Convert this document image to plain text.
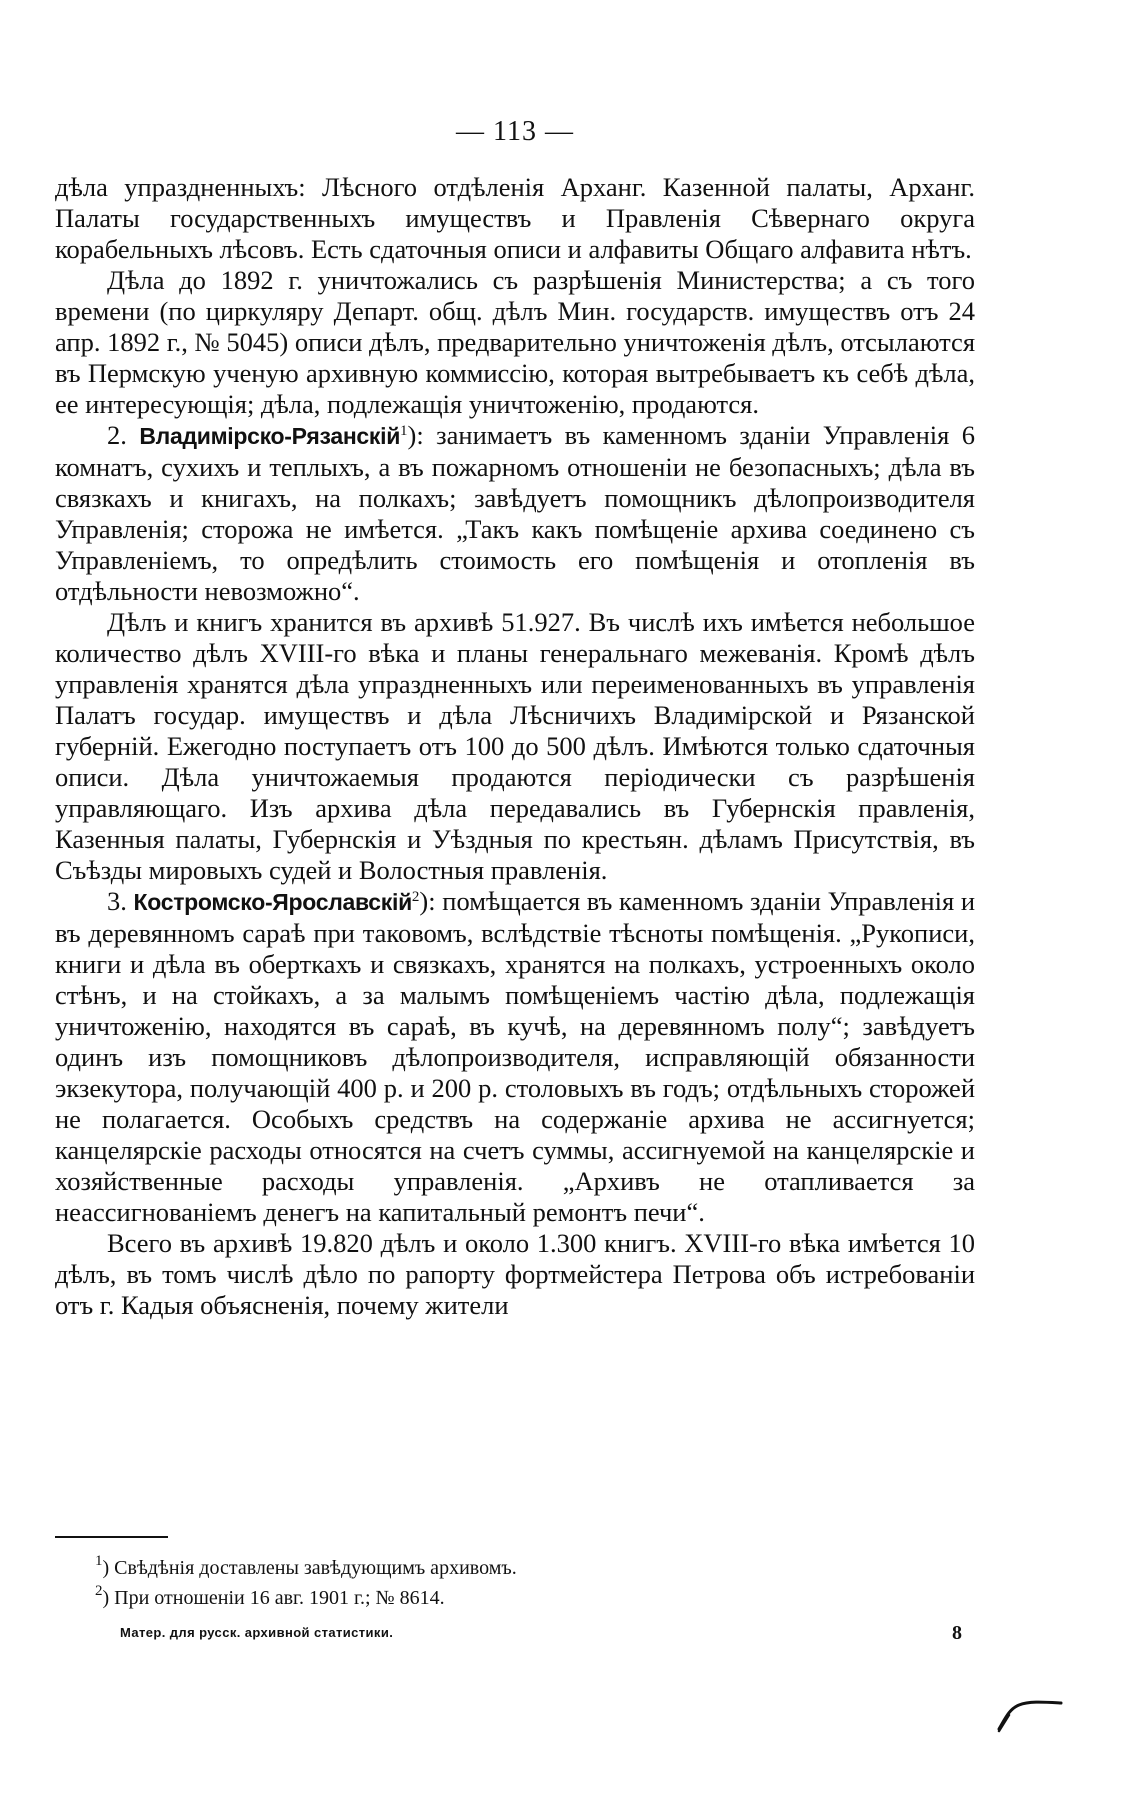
— 113 —

дѣла упраздненныхъ: Лѣсного отдѣленія Арханг. Казенной палаты, Арханг. Палаты государственныхъ имуществъ и Правленія Сѣвернаго округа корабельныхъ лѣсовъ. Есть сдаточныя описи и алфавиты Общаго алфавита нѣтъ.

Дѣла до 1892 г. уничтожались съ разрѣшенія Министерства; а съ того времени (по циркуляру Департ. общ. дѣлъ Мин. государств. имуществъ отъ 24 апр. 1892 г., № 5045) описи дѣлъ, предварительно уничтоженія дѣлъ, отсылаются въ Пермскую ученую архивную коммиссію, которая вытребываетъ къ себѣ дѣла, ее интересующія; дѣла, подлежащія уничтоженію, продаются.

2. Владимірско-Рязанскій$^1$): занимаетъ въ каменномъ зданіи Управленія 6 комнатъ, сухихъ и теплыхъ, а въ пожарномъ отношеніи не безопасныхъ; дѣла въ связкахъ и книгахъ, на полкахъ; завѣдуетъ помощникъ дѣлопроизводителя Управленія; сторожа не имѣется. „Такъ какъ помѣщеніе архива соединено съ Управленіемъ, то опредѣлить стоимость его помѣщенія и отопленія въ отдѣльности невозможно“.

Дѣлъ и книгъ хранится въ архивѣ 51.927. Въ числѣ ихъ имѣется небольшое количество дѣлъ XVIII-го вѣка и планы генеральнаго межеванія. Кромѣ дѣлъ управленія хранятся дѣла упраздненныхъ или переименованныхъ въ управленія Палатъ государ. имуществъ и дѣла Лѣсничихъ Владимірской и Рязанской губерній. Ежегодно поступаетъ отъ 100 до 500 дѣлъ. Имѣются только сдаточныя описи. Дѣла уничтожаемыя продаются періодически съ разрѣшенія управляющаго. Изъ архива дѣла передавались въ Губернскія правленія, Казенныя палаты, Губернскія и Уѣздныя по крестьян. дѣламъ Присутствія, въ Съѣзды мировыхъ судей и Волостныя правленія.

3. Костромско-Ярославскій$^2$): помѣщается въ каменномъ зданіи Управленія и въ деревянномъ сараѣ при таковомъ, вслѣдствіе тѣсноты помѣщенія. „Рукописи, книги и дѣла въ оберткахъ и связкахъ, хранятся на полкахъ, устроенныхъ около стѣнъ, и на стойкахъ, а за малымъ помѣщеніемъ частію дѣла, подлежащія уничтоженію, находятся въ сараѣ, въ кучѣ, на деревянномъ полу“; завѣдуетъ одинъ изъ помощниковъ дѣлопроизводителя, исправляющій обязанности экзекутора, получающій 400 р. и 200 р. столовыхъ въ годъ; отдѣльныхъ сторожей не полагается. Особыхъ средствъ на содержаніе архива не ассигнуется; канцелярскіе расходы относятся на счетъ суммы, ассигнуемой на канцелярскіе и хозяйственные расходы управленія. „Архивъ не отапливается за неассигнованіемъ денегъ на капитальный ремонтъ печи“.

Всего въ архивѣ 19.820 дѣлъ и около 1.300 книгъ. XVIII-го вѣка имѣется 10 дѣлъ, въ томъ числѣ дѣло по рапорту фортмейстера Петрова объ истребованіи отъ г. Кадыя объясненія, почему жители

$^1$) Свѣдѣнія доставлены завѣдующимъ архивомъ.

$^2$) При отношеніи 16 авг. 1901 г.; № 8614.

Матер. для русск. архивной статистики.	8
